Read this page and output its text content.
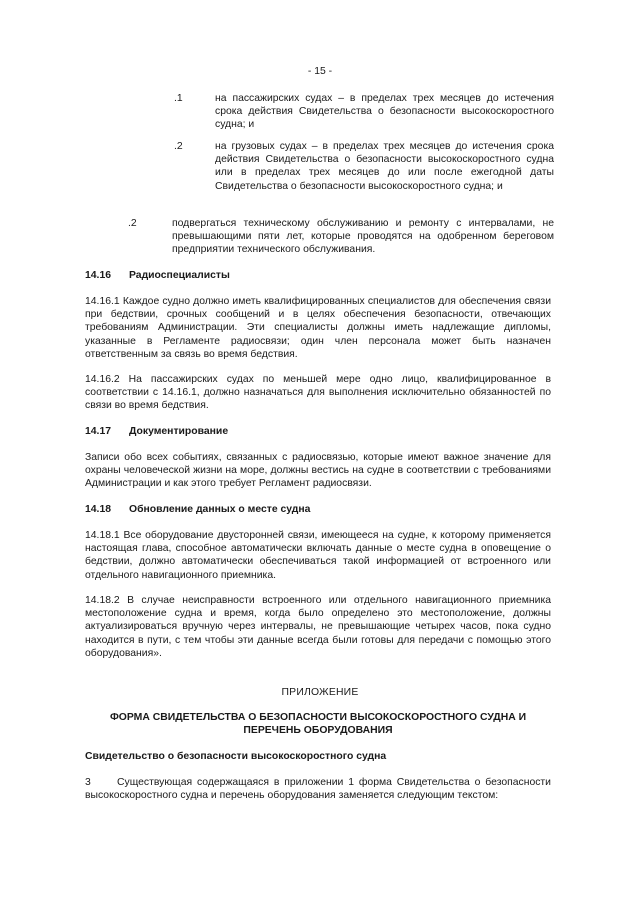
- 15 -
.1	на пассажирских судах – в пределах трех месяцев до истечения срока действия Свидетельства о безопасности высокоскоростного судна; и
.2	на грузовых судах – в пределах трех месяцев до истечения срока действия Свидетельства о безопасности высокоскоростного судна или в пределах трех месяцев до или после ежегодной даты Свидетельства о безопасности высокоскоростного судна; и
.2	подвергаться техническому обслуживанию и ремонту с интервалами, не превышающими пяти лет, которые проводятся на одобренном береговом предприятии технического обслуживания.
14.16 Радиоспециалисты
14.16.1 Каждое судно должно иметь квалифицированных специалистов для обеспечения связи при бедствии, срочных сообщений и в целях обеспечения безопасности, отвечающих требованиям Администрации. Эти специалисты должны иметь надлежащие дипломы, указанные в Регламенте радиосвязи; один член персонала может быть назначен ответственным за связь во время бедствия.
14.16.2 На пассажирских судах по меньшей мере одно лицо, квалифицированное в соответствии с 14.16.1, должно назначаться для выполнения исключительно обязанностей по связи во время бедствия.
14.17 Документирование
Записи обо всех событиях, связанных с радиосвязью, которые имеют важное значение для охраны человеческой жизни на море, должны вестись на судне в соответствии с требованиями Администрации и как этого требует Регламент радиосвязи.
14.18 Обновление данных о месте судна
14.18.1 Все оборудование двусторонней связи, имеющееся на судне, к которому применяется настоящая глава, способное автоматически включать данные о месте судна в оповещение о бедствии, должно автоматически обеспечиваться такой информацией от встроенного или отдельного навигационного приемника.
14.18.2 В случае неисправности встроенного или отдельного навигационного приемника местоположение судна и время, когда было определено это местоположение, должны актуализироваться вручную через интервалы, не превышающие четырех часов, пока судно находится в пути, с тем чтобы эти данные всегда были готовы для передачи с помощью этого оборудования».
ПРИЛОЖЕНИЕ
ФОРМА СВИДЕТЕЛЬСТВА О БЕЗОПАСНОСТИ ВЫСОКОСКОРОСТНОГО СУДНА И
ПЕРЕЧЕНЬ ОБОРУДОВАНИЯ
Свидетельство о безопасности высокоскоростного судна
3	Существующая содержащаяся в приложении 1 форма Свидетельства о безопасности высокоскоростного судна и перечень оборудования заменяется следующим текстом:
